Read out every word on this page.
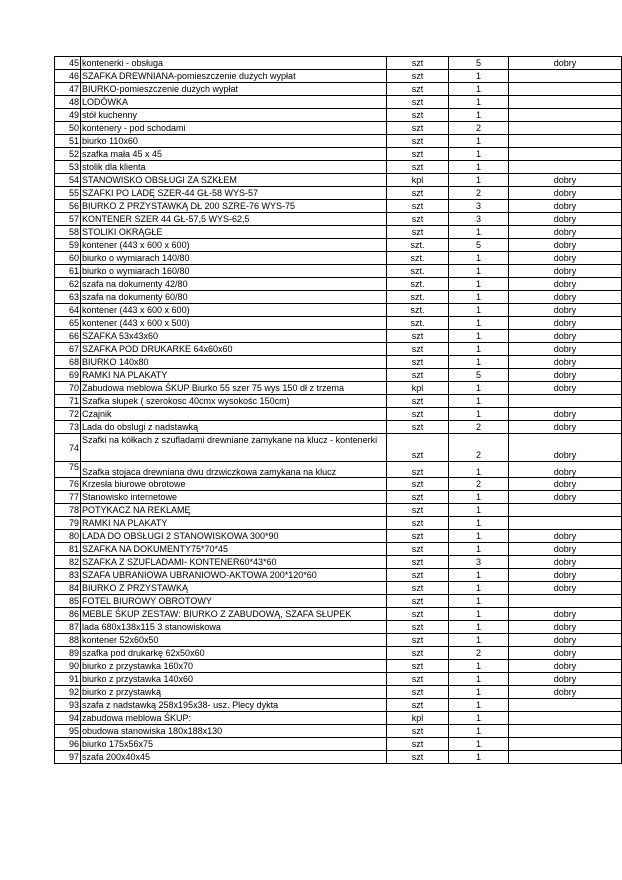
45	kontenerki - obsługa	szt	5	dobry
46	SZAFKA DREWNIANA-pomieszczenie dużych wypłat	szt	1	
47	BIURKO-pomieszczenie dużych wypłat	szt	1	
48	LODÓWKA	szt	1	
49	stół kuchenny	szt	1	
50	kontenery - pod schodami	szt	2	
51	biurko 110x60	szt	1	
52	szafka mała 45 x 45	szt	1	
53	stolik dla klienta	szt	1	
54	STANOWISKO OBSŁUGI ZA SZKŁEM	kpl	1	dobry
55	SZAFKI PO LADĘ SZER-44 GŁ-58 WYS-57	szt	2	dobry
56	BIURKO Z PRZYSTAWKĄ DŁ 200 SZRE-76 WYS-75	szt	3	dobry
57	KONTENER SZER 44 GŁ-57,5 WYS-62,5	szt	3	dobry
58	STOLIKI OKRĄGŁE	szt	1	dobry
59	kontener (443 x 600 x 600)	szt.	5	dobry
60	biurko o wymiarach 140/80	szt.	1	dobry
61	biurko o wymiarach 160/80	szt.	1	dobry
62	szafa na dokumenty 42/80	szt.	1	dobry
63	szafa na dokumenty 60/80	szt.	1	dobry
64	kontener (443 x 600 x 600)	szt.	1	dobry
65	kontener (443 x 600 x 500)	szt.	1	dobry
66	SZAFKA 53x43x60	szt	1	dobry
67	SZAFKA POD DRUKARKE 64x60x60	szt	1	dobry
68	BIURKO 140x80	szt	1	dobry
69	RAMKI NA PLAKATY	szt	5	dobry
70	Zabudowa meblowa ŚKUP Biurko 55 szer 75 wys 150 dł z trzema	kpl	1	dobry
71	Szafka słupek ( szerokosc 40cmx wysokośc 150cm)	szt	1	
72	Czajnik	szt	1	dobry
73	Lada do obslugi z nadstawką	szt	2	dobry
74	Szafki na kółkach z szufladami drewniane zamykane na klucz - kontenerki	szt	2	dobry
75	Szafka stojaca drewniana dwu drzwiczkowa zamykana na klucz	szt	1	dobry
76	Krzesła biurowe obrotowe	szt	2	dobry
77	Stanowisko internetowe	szt	1	dobry
78	POTYKACZ NA REKLAMĘ	szt	1	
79	RAMKI NA PLAKATY	szt	1	
80	LADA DO OBSŁUGI 2 STANOWISKOWA 300*90	szt	1	dobry
81	SZAFKA NA DOKUMENTY75*70*45	szt	1	dobry
82	SZAFKA Z SZUFLADAMI- KONTENER60*43*60	szt	3	dobry
83	SZAFA UBRANIOWA UBRANIOWO-AKTOWA 200*120*60	szt	1	dobry
84	BIURKO Z PRZYSTAWKĄ	szt	1	dobry
85	FOTEL BIUROWY OBROTOWY	szt	1	
86	MEBLE ŚKUP ZESTAW: BIURKO Z ZABUDOWĄ, SZAFA SŁUPEK	szt	1	dobry
87	lada 680x138x115 3 stanowiskowa	szt	1	dobry
88	kontener 52x60x50	szt	1	dobry
89	szafka pod drukarkę 62x50x60	szt	2	dobry
90	biurko z przystawka 160x70	szt	1	dobry
91	biurko z przystawka 140x60	szt	1	dobry
92	biurko z przystawką	szt	1	dobry
93	szafa z nadstawką 258x195x38- usz. Plecy dykta	szt	1	
94	zabudowa meblowa ŚKUP:	kpl	1	
95	obudowa stanowiska 180x188x130	szt	1	
96	biurko 175x56x75	szt	1	
97	szafa 200x40x45	szt	1	
